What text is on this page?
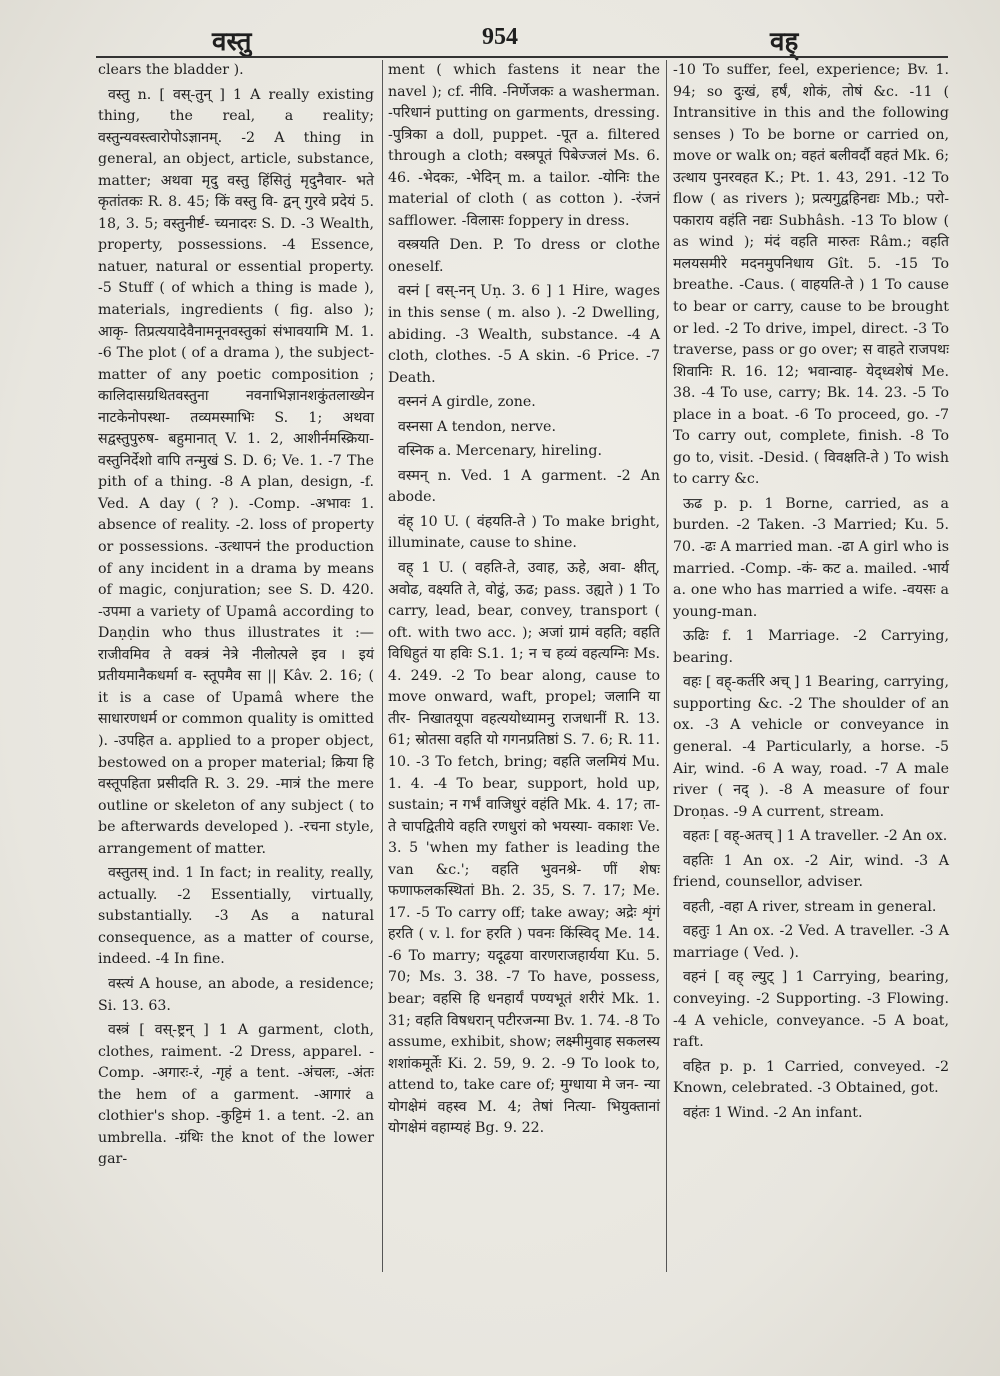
वस्तु	954	वह्

clears the bladder ).

वस्तु n. [ वस्-तुन् ] 1 A really existing thing, the real, a reality; वस्तुन्यवस्त्वारोपोऽज्ञानम्. -2 A thing in general, an object, article, substance, matter; अथवा मृदु वस्तु हिंसितुं मृदुनैवार- भते कृतांतकः R. 8. 45; किं वस्तु वि- द्वन् गुरवे प्रदेयं 5. 18, 3. 5; वस्तुनीर्ष्ट- च्यनादरः S. D. -3 Wealth, property, possessions. -4 Essence, natuer, natural or essential property. -5 Stuff ( of which a thing is made ), materials, ingredients ( fig. also ); आकृ- तिप्रत्ययादेवैनामनूनवस्तुकां संभावयामि M. 1. -6 The plot ( of a drama ), the subject-matter of any poetic composition ; कालिदासग्रथितवस्तुना नवनाभिज्ञानशकुंतलाख्येन नाटकेनोपस्था- तव्यमस्माभिः S. 1; अथवा सद्वस्तुपुरुष- बहुमानात् V. 1. 2, आशीर्नमस्क्रिया- वस्तुनिर्देशो वापि तन्मुखं S. D. 6; Ve. 1. -7 The pith of a thing. -8 A plan, design, -f. Ved. A day ( ? ). -Comp. -अभावः 1. absence of reality. -2. loss of property or possessions. -उत्थापनं the production of any incident in a drama by means of magic, conjuration; see S. D. 420. -उपमा a variety of Upamâ according to Daṇḍin who thus illustrates it :—राजीवमिव ते वक्त्रं नेत्रे नीलोत्पले इव । इयं प्रतीयमानैकधर्मा व- स्तूपमैव सा || Kâv. 2. 16; ( it is a case of Upamâ where the साधारणधर्म or common quality is omitted ). -उपहित a. applied to a proper object, bestowed on a proper material; क्रिया हि वस्तूपहिता प्रसीदति R. 3. 29. -मात्रं the mere outline or skeleton of any subject ( to be afterwards developed ). -रचना style, arrangement of matter.

वस्तुतस् ind. 1 In fact; in reality, really, actually. -2 Essentially, virtually, substantially. -3 As a natural consequence, as a matter of course, indeed. -4 In fine.

वस्त्यं A house, an abode, a residence; Si. 13. 63.

वस्त्रं [ वस्-ष्ट्रन् ] 1 A garment, cloth, clothes, raiment. -2 Dress, apparel. -Comp. -अगारः-रं, -गृहं a tent. -अंचलः, -अंतः the hem of a garment. -आगारं a clothier's shop. -कुट्टिमं 1. a tent. -2. an umbrella. -ग्रंथिः the knot of the lower gar-

ment ( which fastens it near the navel ); cf. नीवि. -निर्णेजकः a washerman. -परिधानं putting on garments, dressing. -पुत्रिका a doll, puppet. -पूत a. filtered through a cloth; वस्त्रपूतं पिबेज्जलं Ms. 6. 46. -भेदकः, -भेदिन् m. a tailor. -योनिः the material of cloth ( as cotton ). -रंजनं safflower. -विलासः foppery in dress.

वस्त्रयति Den. P. To dress or clothe oneself.

वस्नं [ वस्-नन् Uṇ. 3. 6 ] 1 Hire, wages in this sense ( m. also ). -2 Dwelling, abiding. -3 Wealth, substance. -4 A cloth, clothes. -5 A skin. -6 Price. -7 Death.

वस्ननं A girdle, zone.

वस्नसा A tendon, nerve.

वस्निक a. Mercenary, hireling.

वस्मन् n. Ved. 1 A garment. -2 An abode.

वंह् 10 U. ( वंहयति-ते ) To make bright, illuminate, cause to shine.

वह् 1 U. ( वहति-ते, उवाह, ऊहे, अवा- क्षीत्, अवोढ, वक्ष्यति ते, वोढुं, ऊढ; pass. उह्यते ) 1 To carry, lead, bear, convey, transport ( oft. with two acc. ); अजां ग्रामं वहति; वहति विधिहुतं या हविः S.1. 1; न च हव्यं वहत्यग्निः Ms. 4. 249. -2 To bear along, cause to move onward, waft, propel; जलानि या तीर- निखातयूपा वहत्ययोध्यामनु राजधानीं R. 13. 61; स्रोतसा वहति यो गगनप्रतिष्ठां S. 7. 6; R. 11. 10. -3 To fetch, bring; वहति जलमियं Mu. 1. 4. -4 To bear, support, hold up, sustain; न गर्भं वाजिधुरं वहंति Mk. 4. 17; ता- ते चापद्वितीये वहति रणधुरां को भयस्या- वकाशः Ve. 3. 5 'when my father is leading the van &c.'; वहति भुवनश्रे- णीं शेषः फणाफलकस्थितां Bh. 2. 35, S. 7. 17; Me. 17. -5 To carry off; take away; अद्रेः शृंगं हरति ( v. l. for हरति ) पवनः किंस्विद् Me. 14. -6 To marry; यदूढया वारणराजहार्यया Ku. 5. 70; Ms. 3. 38. -7 To have, possess, bear; वहसि हि धनहार्यं पण्यभूतं शरीरं Mk. 1. 31; वहति विषधरान् पटीरजन्मा Bv. 1. 74. -8 To assume, exhibit, show; लक्ष्मीमुवाह सकलस्य शशांकमूर्तेः Ki. 2. 59, 9. 2. -9 To look to, attend to, take care of; मुग्धाया मे जन- न्या योगक्षेमं वहस्व M. 4; तेषां नित्या- भियुक्तानां योगक्षेमं वहाम्यहं Bg. 9. 22.

-10 To suffer, feel, experience; Bv. 1. 94; so दुःखं, हर्षं, शोकं, तोषं &c. -11 ( Intransitive in this and the following senses ) To be borne or carried on, move or walk on; वहतं बलीवर्दौ वहतं Mk. 6; उत्थाय पुनरवहत K.; Pt. 1. 43, 291. -12 To flow ( as rivers ); प्रत्यगुद्वहिनद्यः Mb.; परो- पकाराय वहंति नद्यः Subhâsh. -13 To blow ( as wind ); मंदं वहति मारुतः Râm.; वहति मलयसमीरे मदनमुपनिधाय Gît. 5. -15 To breathe. -Caus. ( वाहयति-ते ) 1 To cause to bear or carry, cause to be brought or led. -2 To drive, impel, direct. -3 To traverse, pass or go over; स वाहते राजपथः शिवानिः R. 16. 12; भवान्वाह- येद्ध्वशेषं Me. 38. -4 To use, carry; Bk. 14. 23. -5 To place in a boat. -6 To proceed, go. -7 To carry out, complete, finish. -8 To go to, visit. -Desid. ( विवक्षति-ते ) To wish to carry &c.

ऊढ p. p. 1 Borne, carried, as a burden. -2 Taken. -3 Married; Ku. 5. 70. -ढः A married man. -ढा A girl who is married. -Comp. -कं- कट a. mailed. -भार्य a. one who has married a wife. -वयसः a young-man.

ऊढिः f. 1 Marriage. -2 Carrying, bearing.

वहः [ वह्-कर्तरि अच् ] 1 Bearing, carrying, supporting &c. -2 The shoulder of an ox. -3 A vehicle or conveyance in general. -4 Particularly, a horse. -5 Air, wind. -6 A way, road. -7 A male river ( नद् ). -8 A measure of four Droṇas. -9 A current, stream.

वहतः [ वह्-अतच् ] 1 A traveller. -2 An ox.

वहतिः 1 An ox. -2 Air, wind. -3 A friend, counsellor, adviser.

वहती, -वहा A river, stream in general.

वहतुः 1 An ox. -2 Ved. A traveller. -3 A marriage ( Ved. ).

वहनं [ वह् ल्युट् ] 1 Carrying, bearing, conveying. -2 Supporting. -3 Flowing. -4 A vehicle, conveyance. -5 A boat, raft.

वहित p. p. 1 Carried, conveyed. -2 Known, celebrated. -3 Obtained, got.

वहंतः 1 Wind. -2 An infant.
